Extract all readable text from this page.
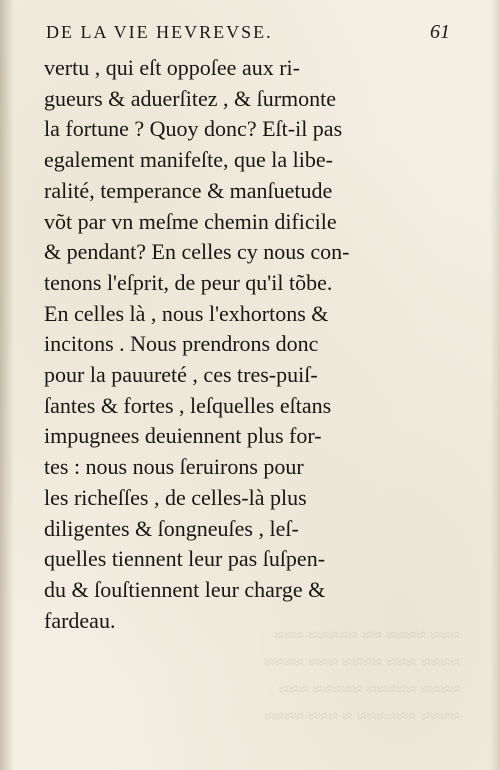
DE LA VIE HEVREVSE.	61
vertu , qui eſt oppoſee aux ri-
gueurs & aduerſitez , & ſurmonte
la fortune ? Quoy donc? Eſt-il pas
egalement manifeſte, que la libe-
ralité, temperance & manſuetude
võt par vn meſme chemin dificile
& pendant? En celles cy nous con-
tenons l'eſprit, de peur qu'il tõbe.
En celles là , nous l'exhortons &
incitons . Nous prendrons donc
pour la pauureté , ces tres-puiſ-
ſantes & fortes , leſquelles eſtans
impugnees deuiennent plus for-
tes : nous nous ſeruirons pour
les richeſſes , de celles-là plus
diligentes & ſongneuſes , leſ-
quelles tiennent leur pas ſuſpen-
du & ſouſtiennent leur charge &
fardeau.
≈≈≈ ≈≈≈≈ ≈≈ ≈≈≈≈≈ ≈≈≈
≈≈≈≈ ≈≈≈ ≈≈≈≈ ≈≈≈ ≈≈≈≈
≈≈≈≈ ≈≈≈≈≈ ≈≈≈≈≈ ≈≈≈
≈≈≈≈ ≈≈≈≈≈≈ ≈ ≈≈≈ ≈≈≈≈
